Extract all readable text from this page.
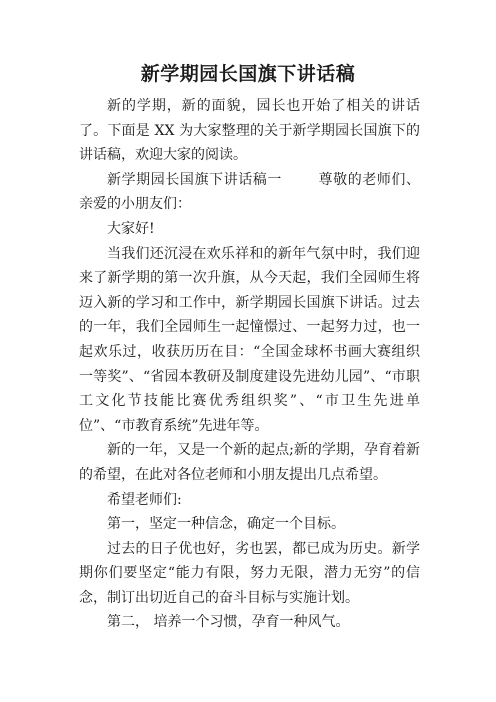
新学期园长国旗下讲话稿

新的学期，新的面貌，园长也开始了相关的讲话了。下面是 XX 为大家整理的关于新学期园长国旗下的讲话稿，欢迎大家的阅读。

新学期园长国旗下讲话稿一	尊敬的老师们、亲爱的小朋友们：

大家好!

当我们还沉浸在欢乐祥和的新年气氛中时，我们迎来了新学期的第一次升旗，从今天起，我们全园师生将迈入新的学习和工作中，新学期园长国旗下讲话。过去的一年，我们全园师生一起憧憬过、一起努力过，也一起欢乐过，收获历历在目：“全国金球杯书画大赛组织一等奖”、“省园本教研及制度建设先进幼儿园”、“市职工文化节技能比赛优秀组织奖”、“市卫生先进单位”、“市教育系统”先进年等。

新的一年，又是一个新的起点;新的学期，孕育着新的希望，在此对各位老师和小朋友提出几点希望。

希望老师们:

第一，坚定一种信念，确定一个目标。

过去的日子优也好，劣也罢，都已成为历史。新学期你们要坚定“能力有限，努力无限，潜力无穷”的信念，制订出切近自己的奋斗目标与实施计划。

第二， 培养一个习惯，孕育一种风气。
